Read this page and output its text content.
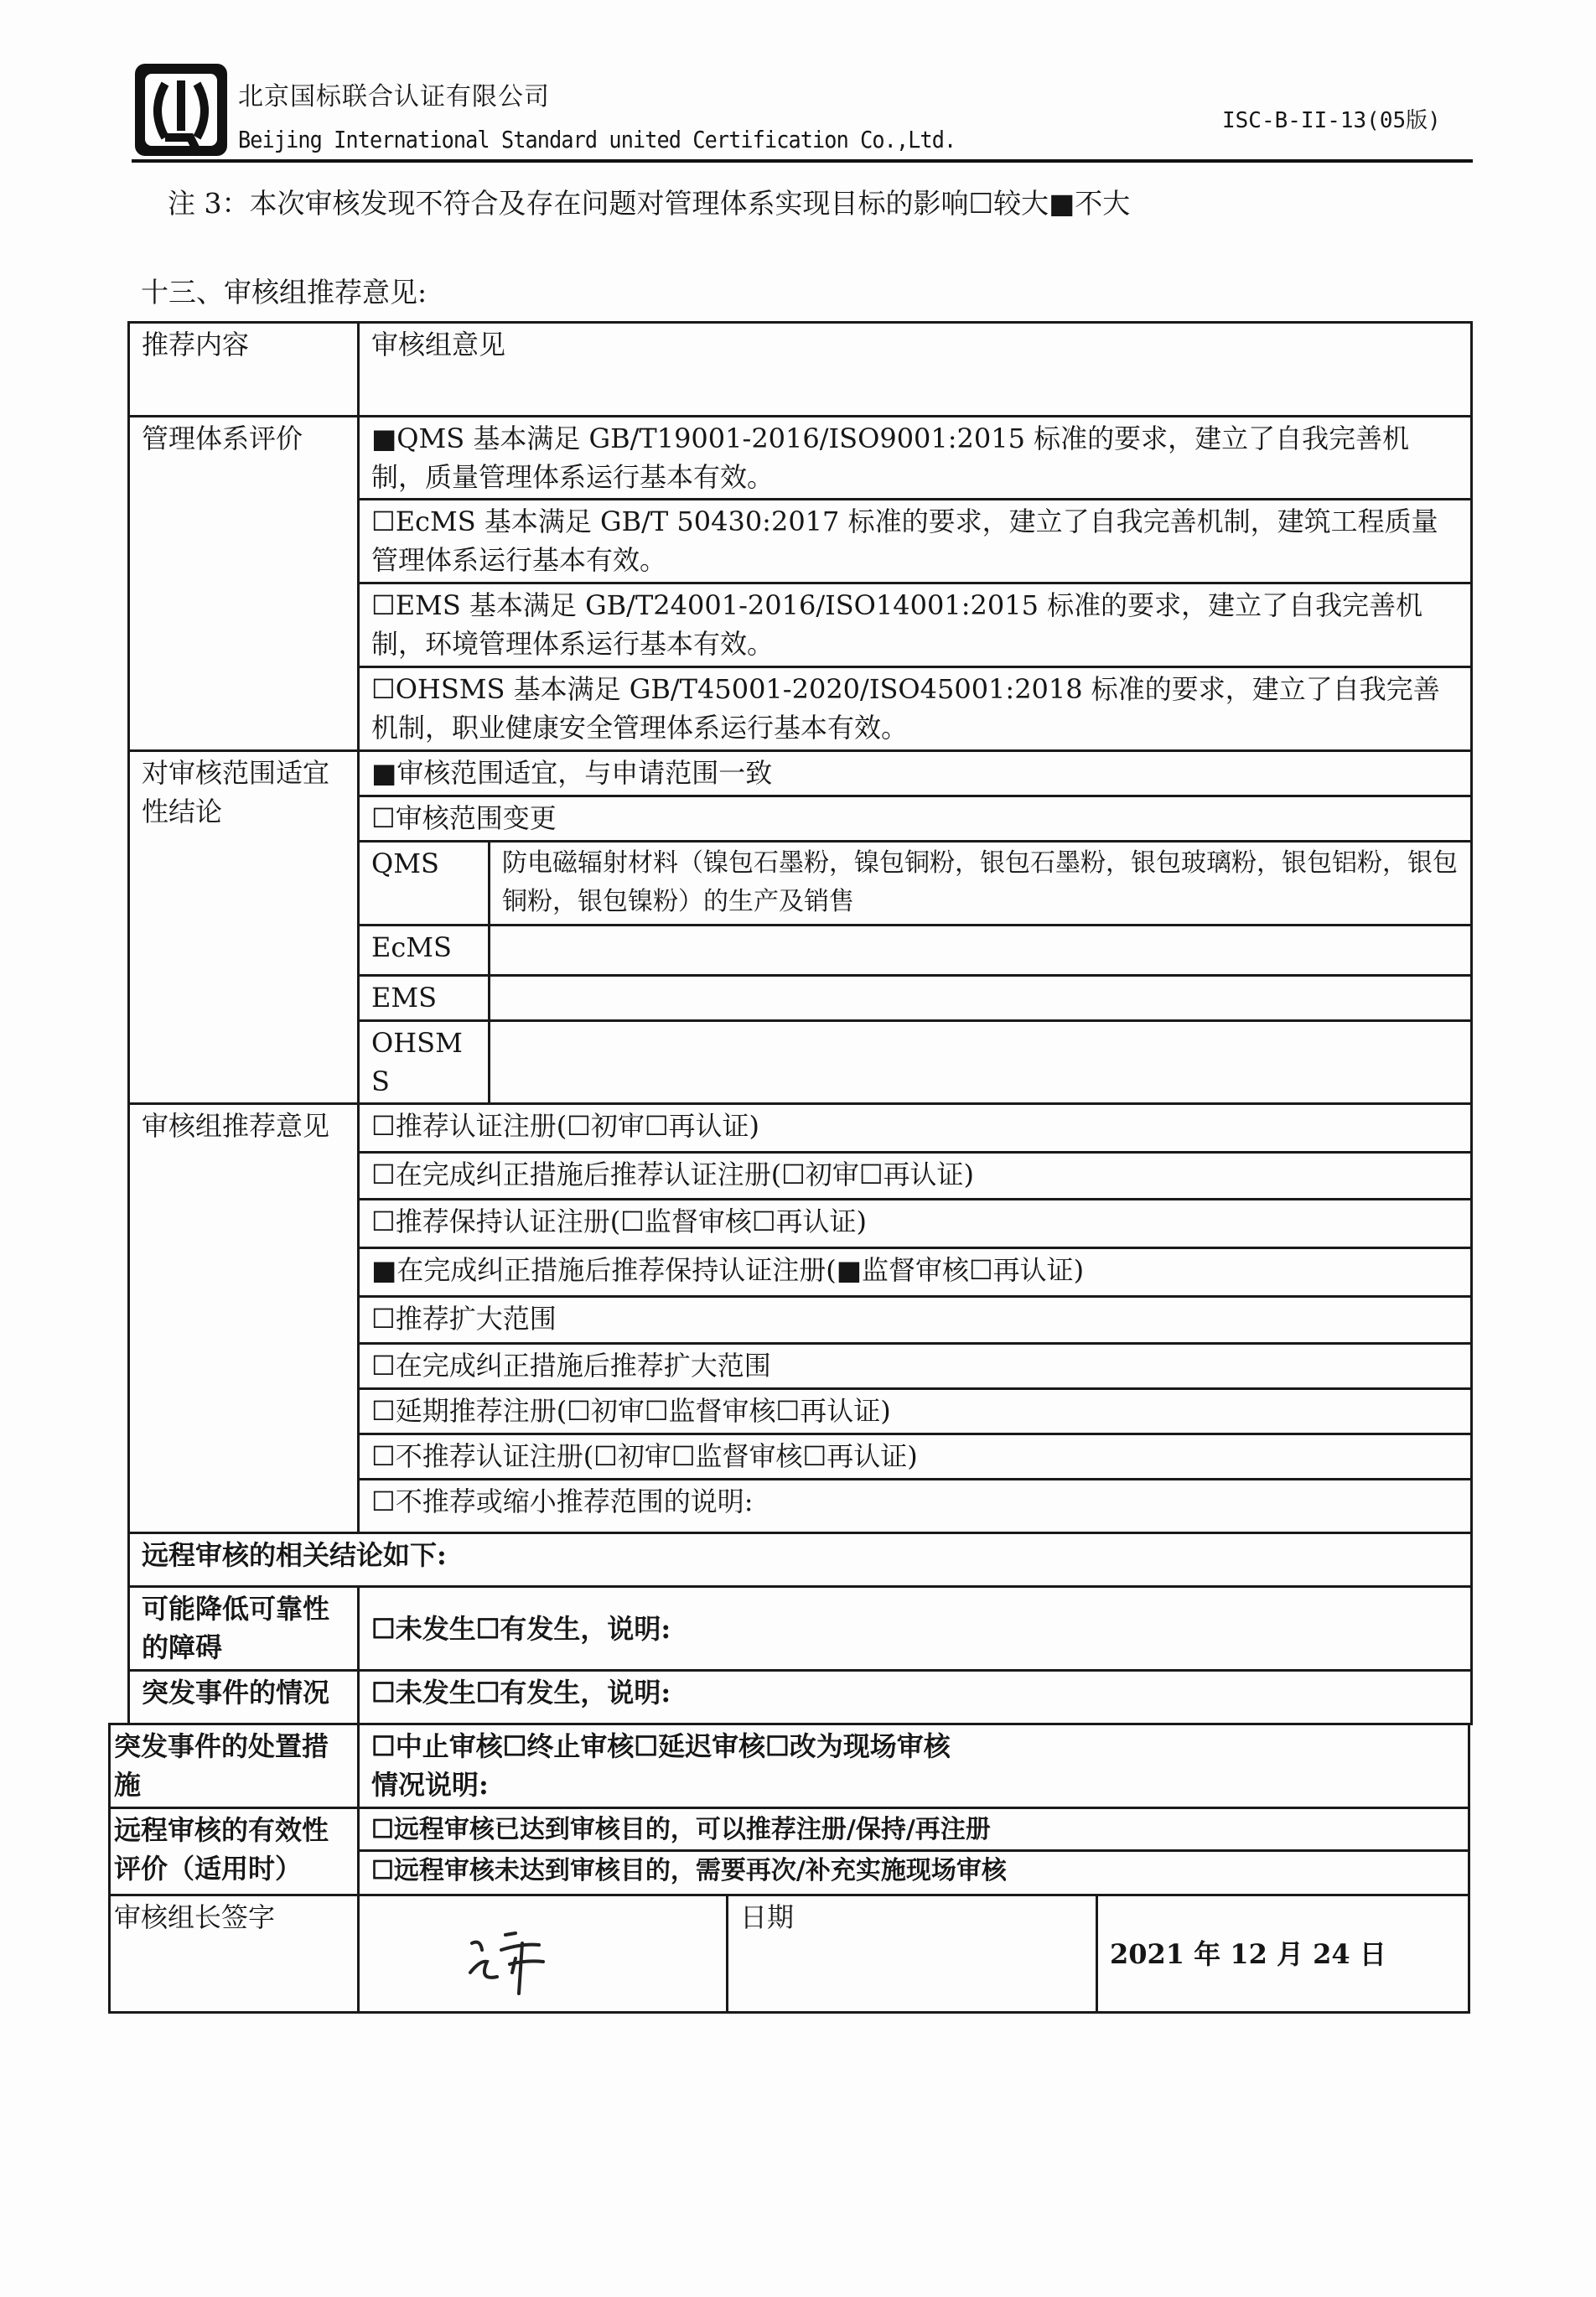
北京国标联合认证有限公司
Beijing International Standard united Certification Co.,Ltd.
ISC-B-II-13(05版)
注 3：本次审核发现不符合及存在问题对管理体系实现目标的影响☐较大■不大
十三、审核组推荐意见:
推荐内容	审核组意见	
管理体系评价	■QMS 基本满足 GB/T19001-2016/ISO9001:2015 标准的要求，建立了自我完善机制，质量管理体系运行基本有效。	
	☐EcMS 基本满足 GB/T 50430:2017 标准的要求，建立了自我完善机制，建筑工程质量管理体系运行基本有效。	
	☐EMS 基本满足 GB/T24001-2016/ISO14001:2015 标准的要求，建立了自我完善机制，环境管理体系运行基本有效。	
	☐OHSMS 基本满足 GB/T45001-2020/ISO45001:2018 标准的要求，建立了自我完善机制，职业健康安全管理体系运行基本有效。	
对审核范围适宜性结论	■审核范围适宜，与申请范围一致	
	☐审核范围变更	
	QMS	防电磁辐射材料（镍包石墨粉，镍包铜粉，银包石墨粉，银包玻璃粉，银包铝粉，银包铜粉，银包镍粉）的生产及销售
	EcMS	
	EMS	
	OHSMS	
审核组推荐意见	☐推荐认证注册(☐初审☐再认证)	
	☐在完成纠正措施后推荐认证注册(☐初审☐再认证)	
	☐推荐保持认证注册(☐监督审核☐再认证)	
	■在完成纠正措施后推荐保持认证注册(■监督审核☐再认证)	
	☐推荐扩大范围	
	☐在完成纠正措施后推荐扩大范围	
	☐延期推荐注册(☐初审☐监督审核☐再认证)	
	☐不推荐认证注册(☐初审☐监督审核☐再认证)	
	☐不推荐或缩小推荐范围的说明:	
远程审核的相关结论如下:		
可能降低可靠性的障碍	☐未发生☐有发生，说明:	
突发事件的情况	☐未发生☐有发生，说明:	
突发事件的处置措施	☐中止审核☐终止审核☐延迟审核☐改为现场审核
情况说明:		

远程审核的有效性评价（适用时）	☐远程审核已达到审核目的，可以推荐注册/保持/再注册
☐远程审核未达到审核目的，需要再次/补充实施现场审核		

审核组长签字		日期	2021 年 12 月 24 日
